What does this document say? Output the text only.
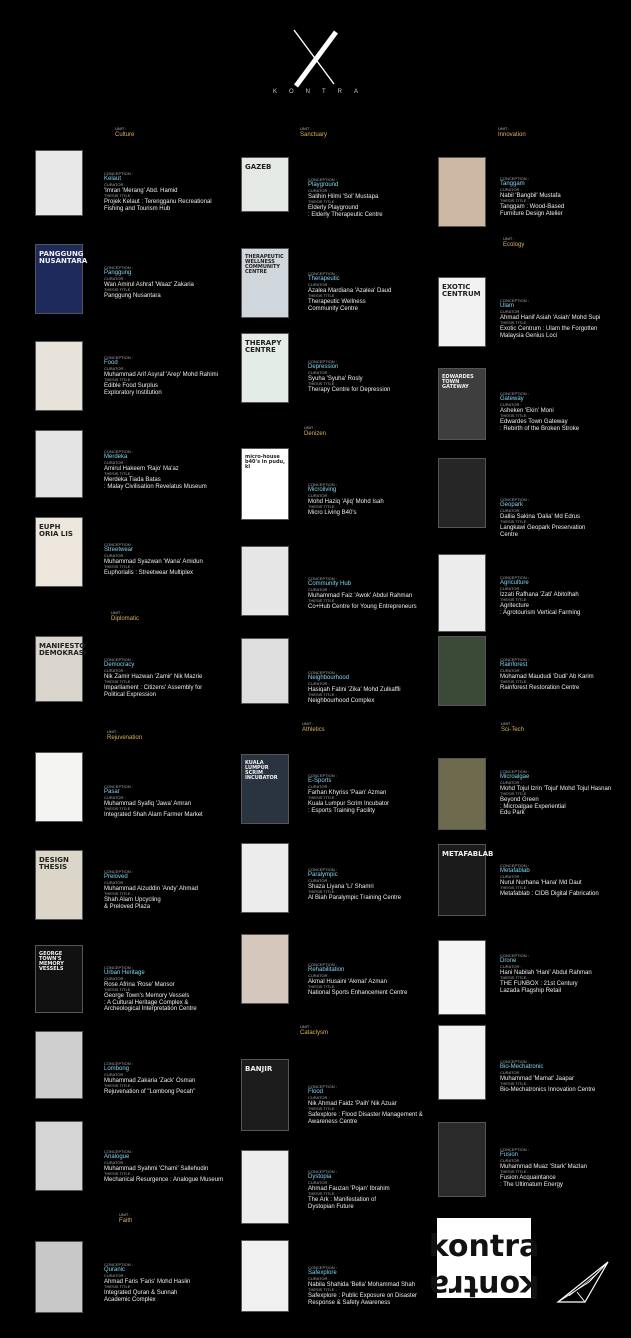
KONTRA
UNIT :
Culture
UNIT :
Sanctuary
UNIT :
Innovation
UNIT :
Ecology
UNIT :
Diplomatic
UNIT :
Denizen
UNIT :
Rejuvenation
UNIT :
Athletics
UNIT :
Sci-Tech
UNIT :
Cataclysm
UNIT :
Faith
CONCEPTION :
Kelaut
CURATOR :
'Imran 'Merang' Abd. Hamid
THESIS TITLE :
Projek Kelaut : Terengganu Recreational
Fishing and Tourism Hub
PANGGUNG NUSANTARA
CONCEPTION :
Panggung
CURATOR :
Wan Amirul Ashraf 'Waaz' Zakaria
THESIS TITLE :
Panggung Nusantara
CONCEPTION :
Food
CURATOR :
Muhammad Arif Asyraf 'Arep' Mohd Rahimi
THESIS TITLE :
Edible Food Surplus
Exploratory Institution
CONCEPTION :
Merdeka
CURATOR :
Amirul Hakeem 'Rajo' Ma'az
THESIS TITLE :
Merdeka Tiada Batas
: Malay Civilisation Revelatus Museum
EUPH ORIA LIS
CONCEPTION :
Streetwear
CURATOR :
Muhammad Syazwan 'Wana' Amidun
THESIS TITLE :
Euphorialis : Streetwear Multiplex
MANIFESTO DEMOKRASI
CONCEPTION :
Democracy
CURATOR :
Nik Zamir Hazwan 'Zamir' Nik Mazrie
THESIS TITLE :
Imparliament : Citizens' Assembly for
Political Expression
CONCEPTION :
Pasar
CURATOR :
Muhammad Syafiq 'Jawa' Amran
THESIS TITLE :
Integrated Shah Alam Farmer Market
DESIGN THESIS
CONCEPTION :
Preloved
CURATOR :
Muhammad Aizuddin 'Andy' Ahmad
THESIS TITLE :
Shah Alam Upcycling
& Preloved Plaza
GEORGE TOWN'S MEMORY VESSELS	CONCEPTION :
Urban Heritage
CURATOR :
Rose Afrina 'Rose' Mansor
THESIS TITLE :
George Town's Memory Vessels
: A Cultural Heritage Complex &
Archeological Interpretation Centre
CONCEPTION :
Lombong
CURATOR :
Muhammad Zakaria 'Zack' Osman
THESIS TITLE :
Rejuvenation of "Lombong Pecah"
CONCEPTION :
Analogue
CURATOR :
Muhammad Syahmi 'Chami' Sallehudin
THESIS TITLE :
Mechanical Resurgence : Analogue Museum
CONCEPTION :
Quranic
CURATOR :
Ahmad Faris 'Faris' Mohd Haslin
THESIS TITLE :
Integrated Quran & Sunnah
Academic Complex
GAZEB
CONCEPTION :
Playground
CURATOR :
Salihin Hilmi 'Sol' Mustapa
THESIS TITLE :
Elderly Playground
: Elderly Therapeutic Centre
THERAPEUTIC WELLNESS COMMUNITY CENTRE	CONCEPTION :
Therapeutic
CURATOR :
Azalea Mardiana 'Azalea' Daud
THESIS TITLE :
Therapeutic Wellness
Community Centre
THERAPY CENTRE
CONCEPTION :
Depression
CURATOR :
Syuha 'Syuha' Rosly
THESIS TITLE :
Therapy Centre for Depression
micro-house b40's in pudu, kl
CONCEPTION :
Microliving
CURATOR :
Mohd Haziq 'Ajiq' Mohd Isah
THESIS TITLE :
Micro Living B40's
CONCEPTION :
Community Hub
CURATOR :
Muhammad Faiz 'Awok' Abdul Rahman
THESIS TITLE :
Co+Hub Centre for Young Entrepreneurs
CONCEPTION :
Neighbourhood
CURATOR :
Hasiqah Fatini 'Zika' Mohd Zulkaffli
THESIS TITLE :
Neighbourhood Complex
KUALA LUMPUR SCRIM INCUBATOR	CONCEPTION :
E-Sports
CURATOR :
Farhan Khyriss 'Paan' Azman
THESIS TITLE :
Kuala Lumpur Scrim Incubator
: Esports Training Facility
CONCEPTION :
Paralympic
CURATOR :
Shaza Liyana 'Li' Shamri
THESIS TITLE :
Al Biah Paralympic Training Centre
CONCEPTION :
Rehabilitation
CURATOR :
Akmal Husaini 'Akmal' Azman
THESIS TITLE :
National Sports Enhancement Centre
BANJIR
CONCEPTION :
Flood
CURATOR :
Nik Ahmad Faidz 'Paih' Nik Azuar
THESIS TITLE :
Safexplore : Flood Disaster Management &
Awareness Centre
CONCEPTION :
Dystopia
CURATOR :
Ahmad Fauzan 'Pojan' Ibrahim
THESIS TITLE :
The Ark : Manifestation of
Dystopian Future
CONCEPTION :
Safexplore
CURATOR :
Nabila Shahida 'Bella' Mohammad Shah
THESIS TITLE :
Safexplore : Public Exposure on Disaster
Response & Safety Awareness
CONCEPTION :
Tanggam
CURATOR :
Nabil 'Bangbil' Mustafa
THESIS TITLE :
Tanggam : Wood-Based
Furniture Design Atelier
EXOTIC CENTRUM
CONCEPTION :
Ulam
CURATOR :
Ahmad Hanif Asiah 'Asiah' Mohd Supi
THESIS TITLE :
Exotic Centrum : Ulam the Forgotten
Malaysia Genius Loci
EDWARDES TOWN GATEWAY
CONCEPTION :
Gateway
CURATOR :
Asheken 'Ekin' Moni
THESIS TITLE :
Edwardes Town Gateway
: Rebirth of the Broken Stroke
CONCEPTION :
Geopark
CURATOR :
Dallia Sakina 'Dalia' Md Edrus
THESIS TITLE :
Langkawi Geopark Preservation
Centre
CONCEPTION :
Agriculture
CURATOR :
Izzati Rafhana 'Zati' Abitolhah
THESIS TITLE :
Agritecture
: Agrotourism Vertical Farming
CONCEPTION :
Rainforest
CURATOR :
Mohamad Maududi 'Dudi' Ab Karim
THESIS TITLE :
Rainforest Restoration Centre
CONCEPTION :
Microalgae
CURATOR :
Mohd Tojul Izrin 'Tojul' Mohd Tojul Hasnan
THESIS TITLE :
Beyond Green
: Microalgae Experiential
Edu Park
METAFABLAB
CONCEPTION :
Metafablab
CURATOR :
Nurul Nurhana 'Hana' Md Daut
THESIS TITLE :
Metafablab : CIDB Digital Fabrication
CONCEPTION :
Drone
CURATOR :
Hani Nabilah 'Hani' Abdul Rahman
THESIS TITLE :
THE FUNBOX : 21st Century
Lazada Flagship Retail
CONCEPTION :
Bio-Mechatronic
CURATOR :
Muhammad 'Mamat' Jaapar
THESIS TITLE :
Bio-Mechatronics Innovation Centre
CONCEPTION :
Fusion
CURATOR :
Muhammad Muaz 'Stark' Mazlan
THESIS TITLE :
Fusion Acquaintance
: The Ultimatum Energy
kontra
kontra
